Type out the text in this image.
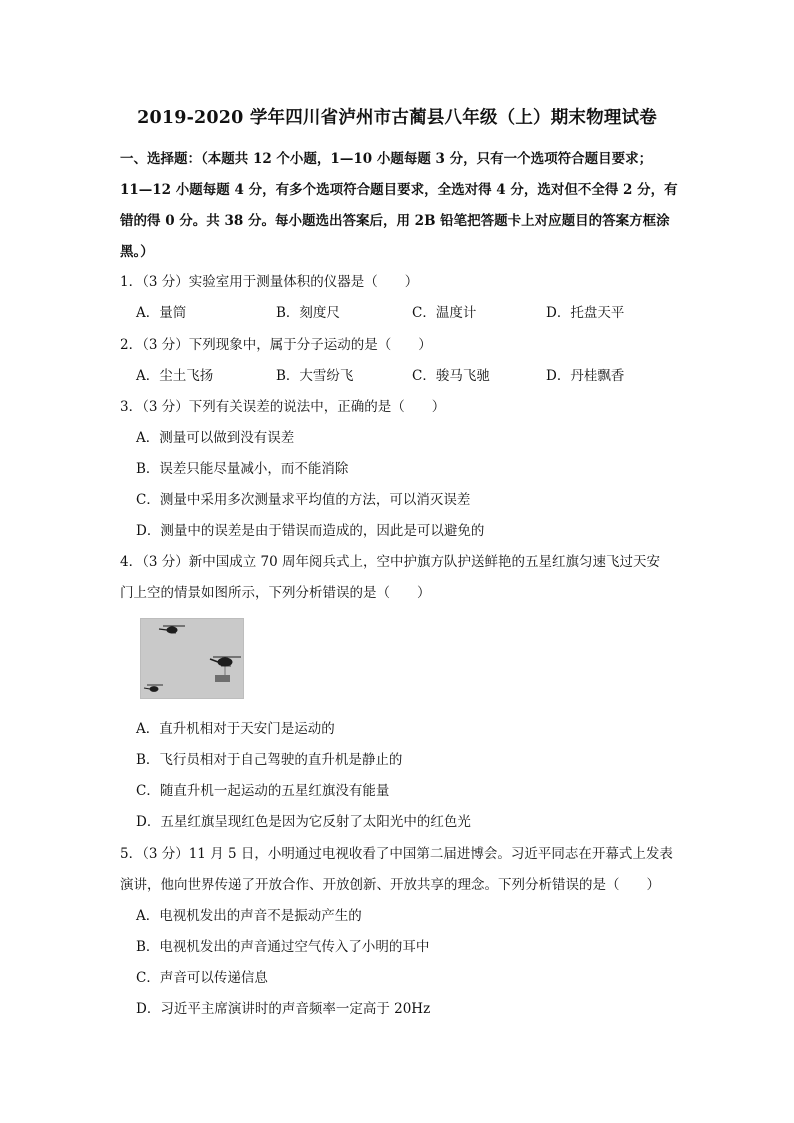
2019-2020 学年四川省泸州市古蔺县八年级（上）期末物理试卷
一、选择题：（本题共 12 个小题，1—10 小题每题 3 分，只有一个选项符合题目要求；
11—12 小题每题 4 分，有多个选项符合题目要求，全选对得 4 分，选对但不全得 2 分，有
错的得 0 分。共 38 分。每小题选出答案后，用 2B 铅笔把答题卡上对应题目的答案方框涂
黑。）
1．（3 分）实验室用于测量体积的仪器是（　　）
A．量筒	B．刻度尺	C．温度计	D．托盘天平
2．（3 分）下列现象中，属于分子运动的是（　　）
A．尘土飞扬	B．大雪纷飞	C．骏马飞驰	D．丹桂飘香
3．（3 分）下列有关误差的说法中，正确的是（　　）
A．测量可以做到没有误差
B．误差只能尽量减小，而不能消除
C．测量中采用多次测量求平均值的方法，可以消灭误差
D．测量中的误差是由于错误而造成的，因此是可以避免的
4．（3 分）新中国成立 70 周年阅兵式上，空中护旗方队护送鲜艳的五星红旗匀速飞过天安
门上空的情景如图所示，下列分析错误的是（　　）
A．直升机相对于天安门是运动的
B．飞行员相对于自己驾驶的直升机是静止的
C．随直升机一起运动的五星红旗没有能量
D．五星红旗呈现红色是因为它反射了太阳光中的红色光
5．（3 分）11 月 5 日，小明通过电视收看了中国第二届进博会。习近平同志在开幕式上发表
演讲，他向世界传递了开放合作、开放创新、开放共享的理念。下列分析错误的是（　　）
A．电视机发出的声音不是振动产生的
B．电视机发出的声音通过空气传入了小明的耳中
C．声音可以传递信息
D．习近平主席演讲时的声音频率一定高于 20Hz
